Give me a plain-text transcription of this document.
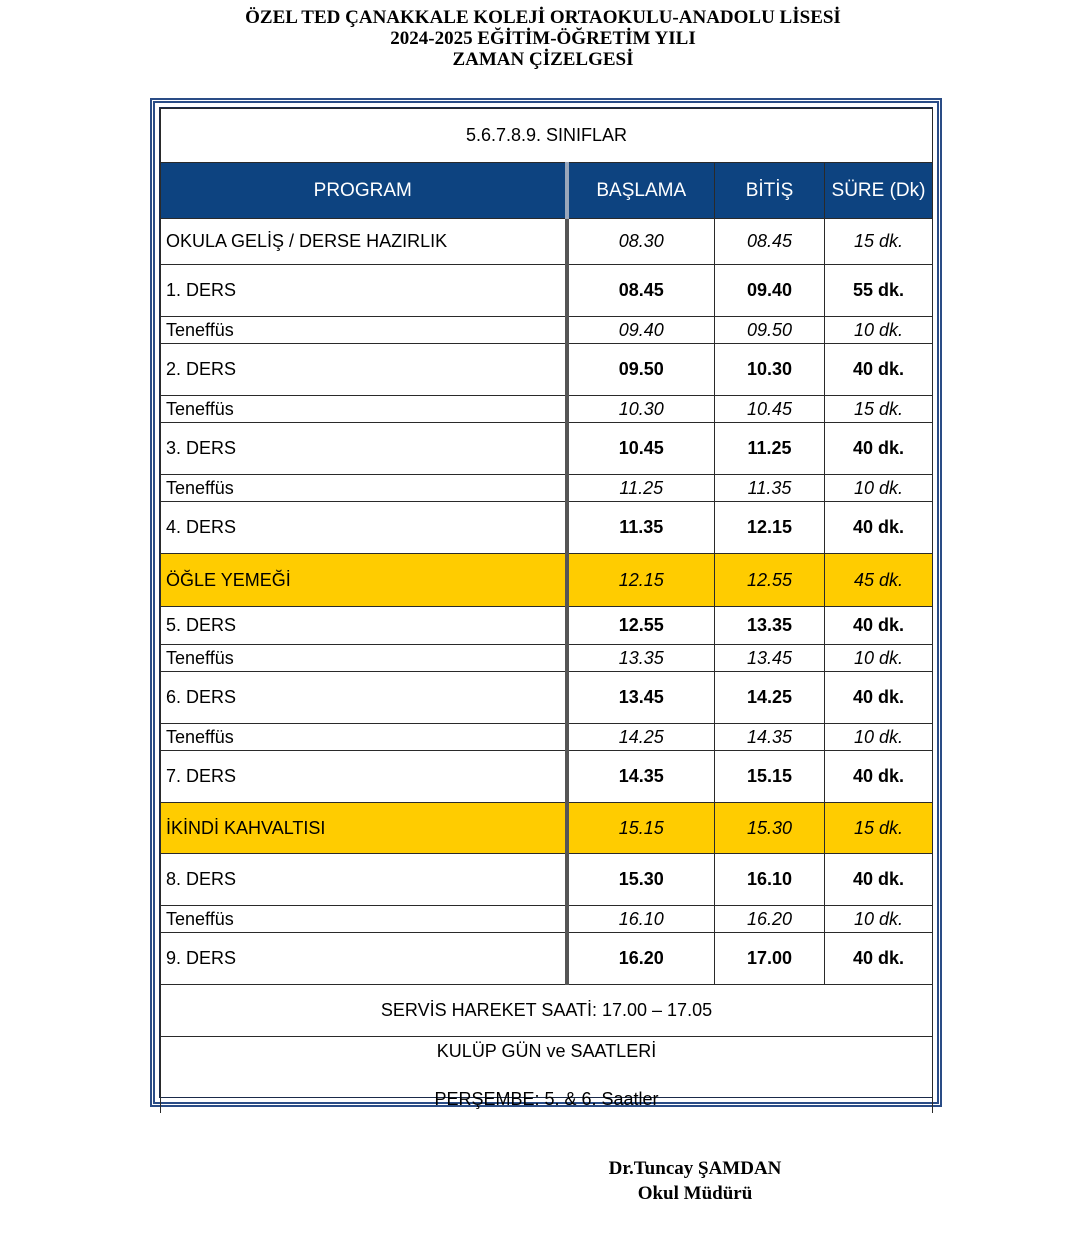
ÖZEL TED ÇANAKKALE KOLEJİ ORTAOKULU-ANADOLU LİSESİ
2024-2025 EĞİTİM-ÖĞRETİM YILI
ZAMAN ÇİZELGESİ
5.6.7.8.9. SINIFLAR			
PROGRAM	BAŞLAMA	BİTİŞ	SÜRE (Dk)
OKULA GELİŞ / DERSE HAZIRLIK	08.30	08.45	15 dk.
1. DERS	08.45	09.40	55 dk.
Teneffüs	09.40	09.50	10 dk.
2. DERS	09.50	10.30	40 dk.
Teneffüs	10.30	10.45	15 dk.
3. DERS	10.45	11.25	40 dk.
Teneffüs	11.25	11.35	10 dk.
4. DERS	11.35	12.15	40 dk.
ÖĞLE YEMEĞİ	12.15	12.55	45 dk.
5. DERS	12.55	13.35	40 dk.
Teneffüs	13.35	13.45	10 dk.
6. DERS	13.45	14.25	40 dk.
Teneffüs	14.25	14.35	10 dk.
7. DERS	14.35	15.15	40 dk.
İKİNDİ KAHVALTISI	15.15	15.30	15 dk.
8. DERS	15.30	16.10	40 dk.
Teneffüs	16.10	16.20	10 dk.
9. DERS	16.20	17.00	40 dk.
SERVİS HAREKET SAATİ: 17.00 – 17.05			

KULÜP GÜN ve SAATLERİ
PERŞEMBE: 5. & 6. Saatler			
Dr.Tuncay ŞAMDAN
Okul Müdürü
